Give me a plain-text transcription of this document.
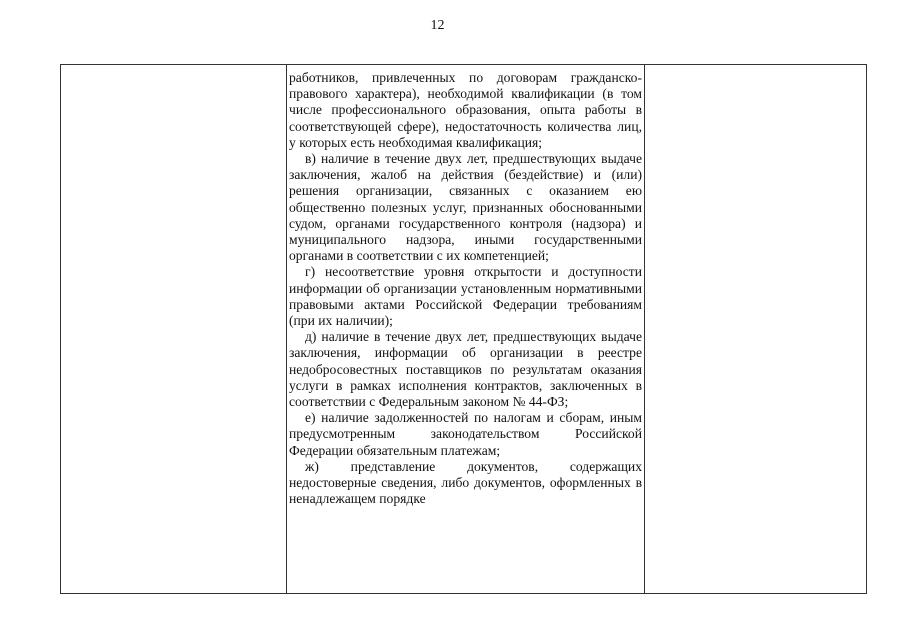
12

работников, привлеченных по договорам гражданско-правового характера), необходимой квалификации (в том числе профессионального образования, опыта работы в соответствующей сфере), недостаточность количества лиц, у которых есть необходимая квалификация;

в) наличие в течение двух лет, предшествующих выдаче заключения, жалоб на действия (бездействие) и (или) решения организации, связанных с оказанием ею общественно полезных услуг, признанных обоснованными судом, органами государственного контроля (надзора) и муниципального надзора, иными государственными органами в соответствии с их компетенцией;

г) несоответствие уровня открытости и доступности информации об организации установленным нормативными правовыми актами Российской Федерации требованиям (при их наличии);

д) наличие в течение двух лет, предшествующих выдаче заключения, информации об организации в реестре недобросовестных поставщиков по результатам оказания услуги в рамках исполнения контрактов, заключенных в соответствии с Федеральным законом № 44-ФЗ;

е) наличие задолженностей по налогам и сборам, иным предусмотренным законодательством Российской Федерации обязательным платежам;

ж) представление документов, содержащих недостоверные сведения, либо документов, оформленных в ненадлежащем порядке
